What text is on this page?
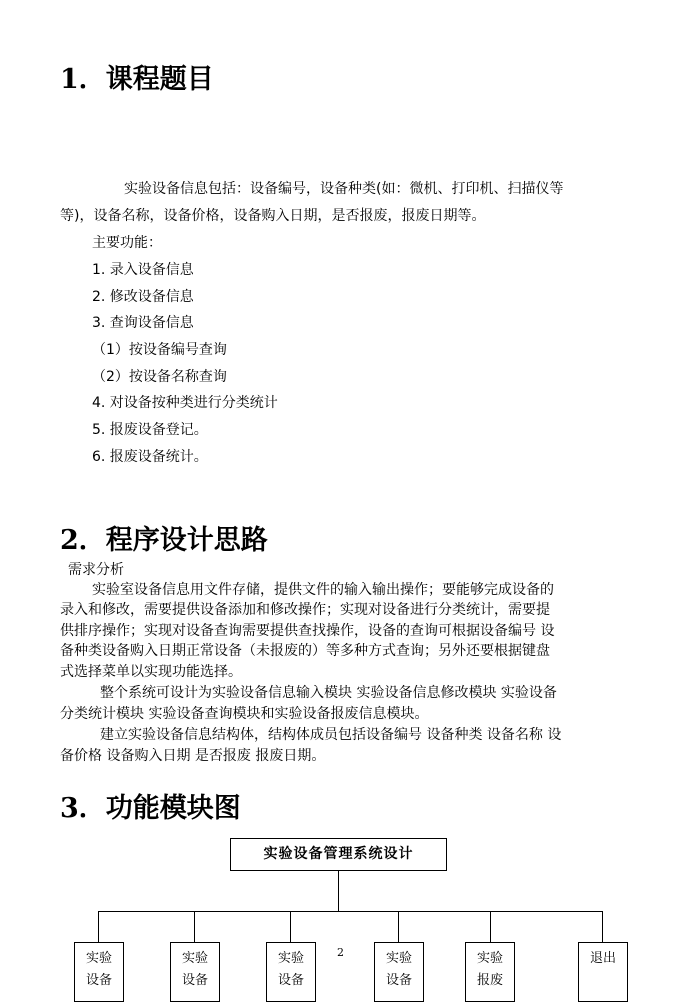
1．课程题目

实验设备信息包括：设备编号，设备种类(如：微机、打印机、扫描仪等

等)，设备名称，设备价格，设备购入日期，是否报废，报废日期等。

主要功能：

1. 录入设备信息

2. 修改设备信息

3. 查询设备信息

（1）按设备编号查询

（2）按设备名称查询

4. 对设备按种类进行分类统计

5. 报废设备登记。

6. 报废设备统计。

2．程序设计思路

需求分析

实验室设备信息用文件存储，提供文件的输入输出操作；要能够完成设备的

录入和修改，需要提供设备添加和修改操作；实现对设备进行分类统计，需要提

供排序操作；实现对设备查询需要提供查找操作，设备的查询可根据设备编号 设

备种类设备购入日期正常设备（未报废的）等多种方式查询；另外还要根据键盘

式选择菜单以实现功能选择。

整个系统可设计为实验设备信息输入模块 实验设备信息修改模块 实验设备

分类统计模块 实验设备查询模块和实验设备报废信息模块。

建立实验设备信息结构体，结构体成员包括设备编号 设备种类 设备名称 设

备价格 设备购入日期 是否报废 报废日期。

3．功能模块图
实验设备管理系统设计
实验
设备
实验
设备
实验
设备
实验
设备
实验
报废
退出
2
